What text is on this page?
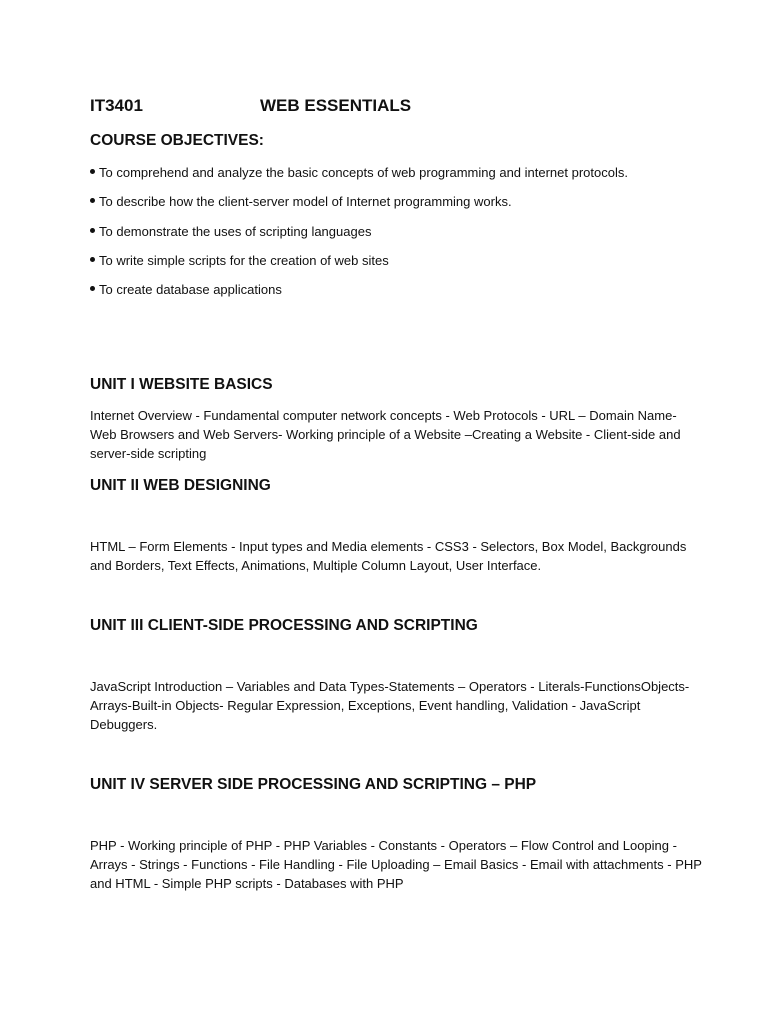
IT3401	WEB ESSENTIALS
COURSE OBJECTIVES:
To comprehend and analyze the basic concepts of web programming and internet protocols.
To describe how the client-server model of Internet programming works.
To demonstrate the uses of scripting languages
To write simple scripts for the creation of web sites
To create database applications
UNIT I WEBSITE BASICS
Internet Overview - Fundamental computer network concepts - Web Protocols - URL – Domain Name-
Web Browsers and Web Servers- Working principle of a Website –Creating a Website - Client-side and
server-side scripting
UNIT II WEB DESIGNING
HTML – Form Elements - Input types and Media elements - CSS3 - Selectors, Box Model, Backgrounds
and Borders, Text Effects, Animations, Multiple Column Layout, User Interface.
UNIT III CLIENT-SIDE PROCESSING AND SCRIPTING
JavaScript Introduction – Variables and Data Types-Statements – Operators - Literals-FunctionsObjects-
Arrays-Built-in Objects- Regular Expression, Exceptions, Event handling, Validation - JavaScript
Debuggers.
UNIT IV SERVER SIDE PROCESSING AND SCRIPTING – PHP
PHP - Working principle of PHP - PHP Variables - Constants - Operators – Flow Control and Looping -
Arrays - Strings - Functions - File Handling - File Uploading – Email Basics - Email with attachments - PHP
and HTML - Simple PHP scripts - Databases with PHP
